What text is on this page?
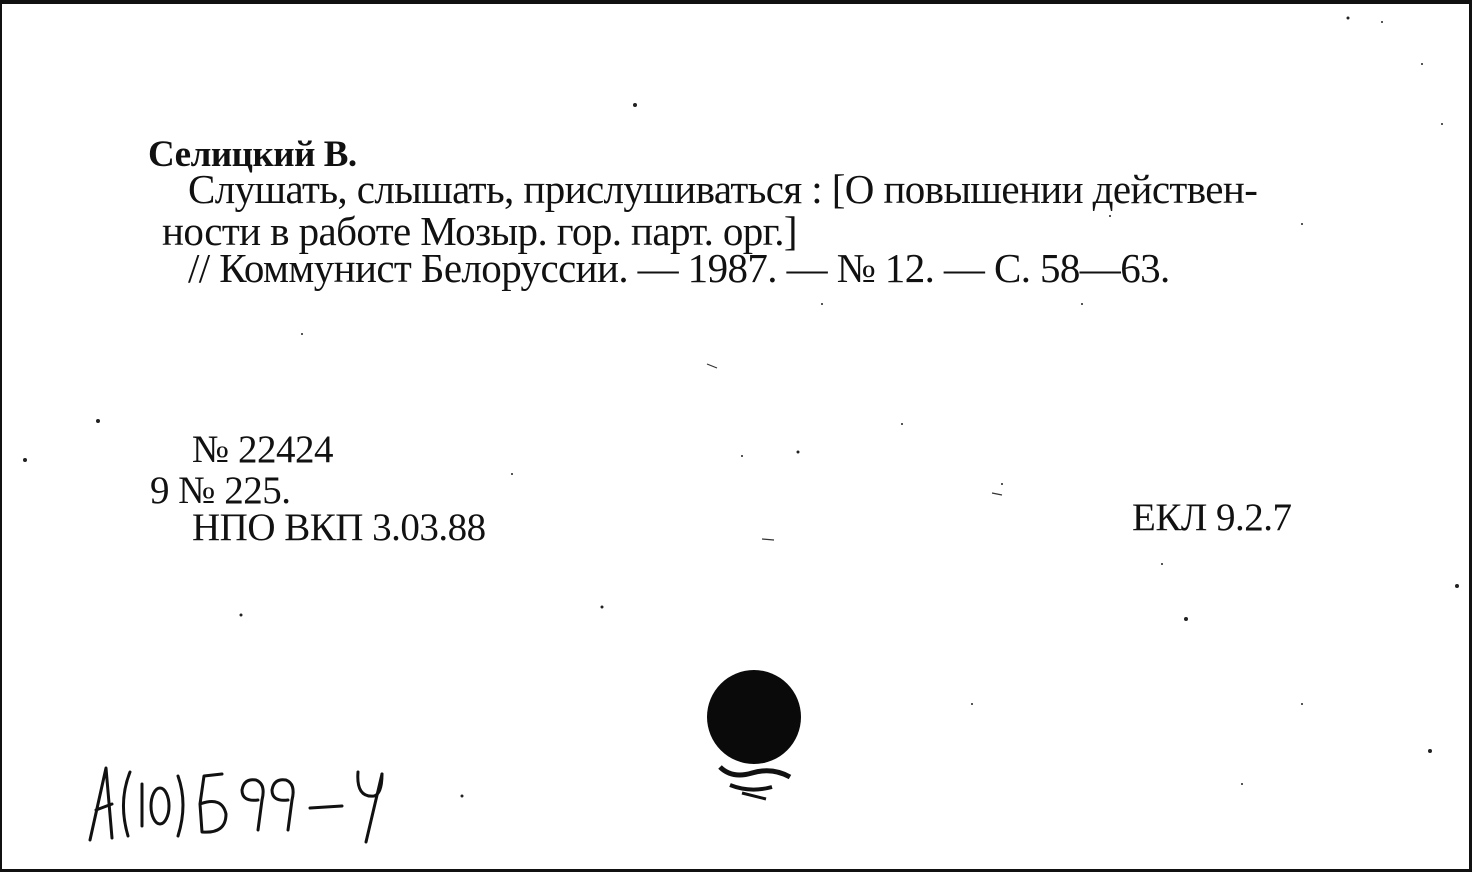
Селицкий В.
Слушать, слышать, прислушиваться : [О повышении действен-
ности в работе Мозыр. гор. парт. орг.]
// Коммунист Белоруссии. — 1987. — № 12. — С. 58—63.
№ 22424
9 № 225.
НПО ВКП 3.03.88	ЕКЛ 9.2.7
